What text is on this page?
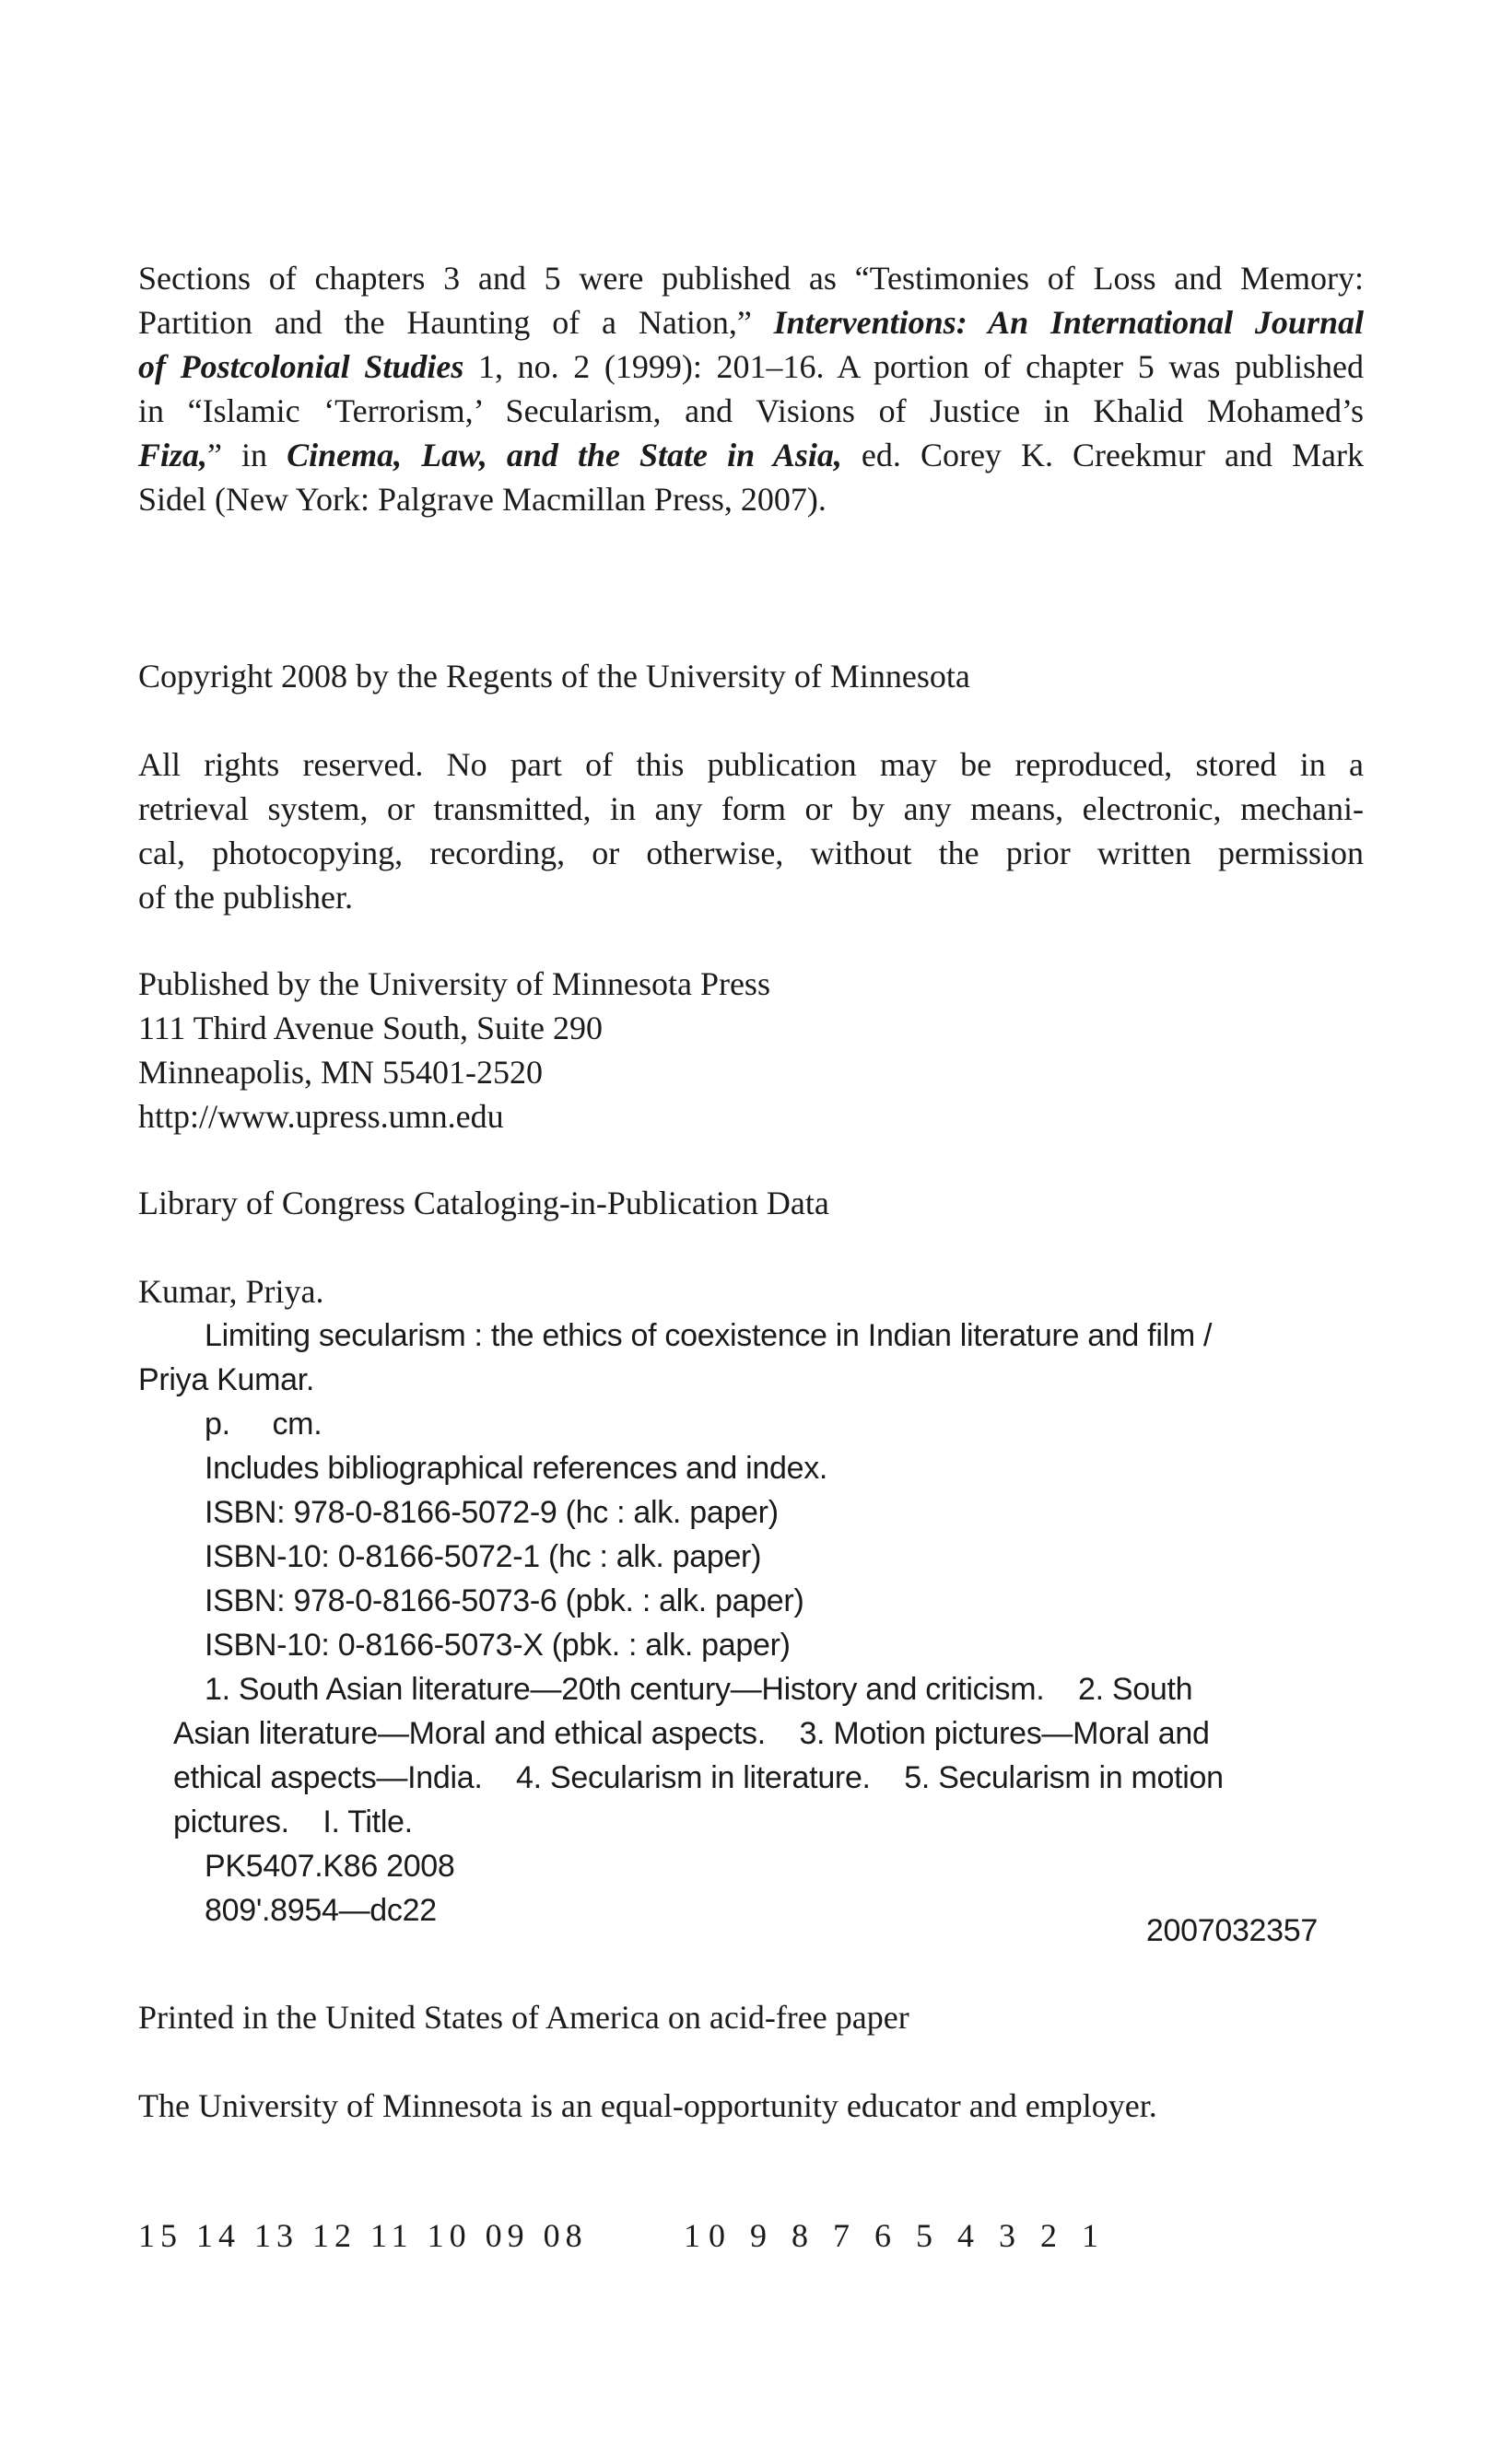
Sections of chapters 3 and 5 were published as “Testimonies of Loss and Memory:
Partition and the Haunting of a Nation,” Interventions: An International Journal
of Postcolonial Studies 1, no. 2 (1999): 201–16. A portion of chapter 5 was published
in “Islamic ‘Terrorism,’ Secularism, and Visions of Justice in Khalid Mohamed’s
Fiza,” in Cinema, Law, and the State in Asia, ed. Corey K. Creekmur and Mark
Sidel (New York: Palgrave Macmillan Press, 2007).
Copyright 2008 by the Regents of the University of Minnesota
All rights reserved. No part of this publication may be reproduced, stored in a
retrieval system, or transmitted, in any form or by any means, electronic, mechani-
cal, photocopying, recording, or otherwise, without the prior written permission
of the publisher.
Published by the University of Minnesota Press
111 Third Avenue South, Suite 290
Minneapolis, MN 55401-2520
http://www.upress.umn.edu
Library of Congress Cataloging-in-Publication Data
Kumar, Priya.
Limiting secularism : the ethics of coexistence in Indian literature and film /
Priya Kumar.
p.     cm.
Includes bibliographical references and index.
ISBN: 978-0-8166-5072-9 (hc : alk. paper)
ISBN-10: 0-8166-5072-1 (hc : alk. paper)
ISBN: 978-0-8166-5073-6 (pbk. : alk. paper)
ISBN-10: 0-8166-5073-X (pbk. : alk. paper)
1. South Asian literature—20th century—History and criticism.    2. South
Asian literature—Moral and ethical aspects.    3. Motion pictures—Moral and
ethical aspects—India.    4. Secularism in literature.    5. Secularism in motion
pictures.    I. Title.
PK5407.K86 2008
809'.8954—dc22
2007032357
Printed in the United States of America on acid-free paper
The University of Minnesota is an equal-opportunity educator and employer.
15 14 13 12 11 10 09 08	10 9 8 7 6 5 4 3 2 1
